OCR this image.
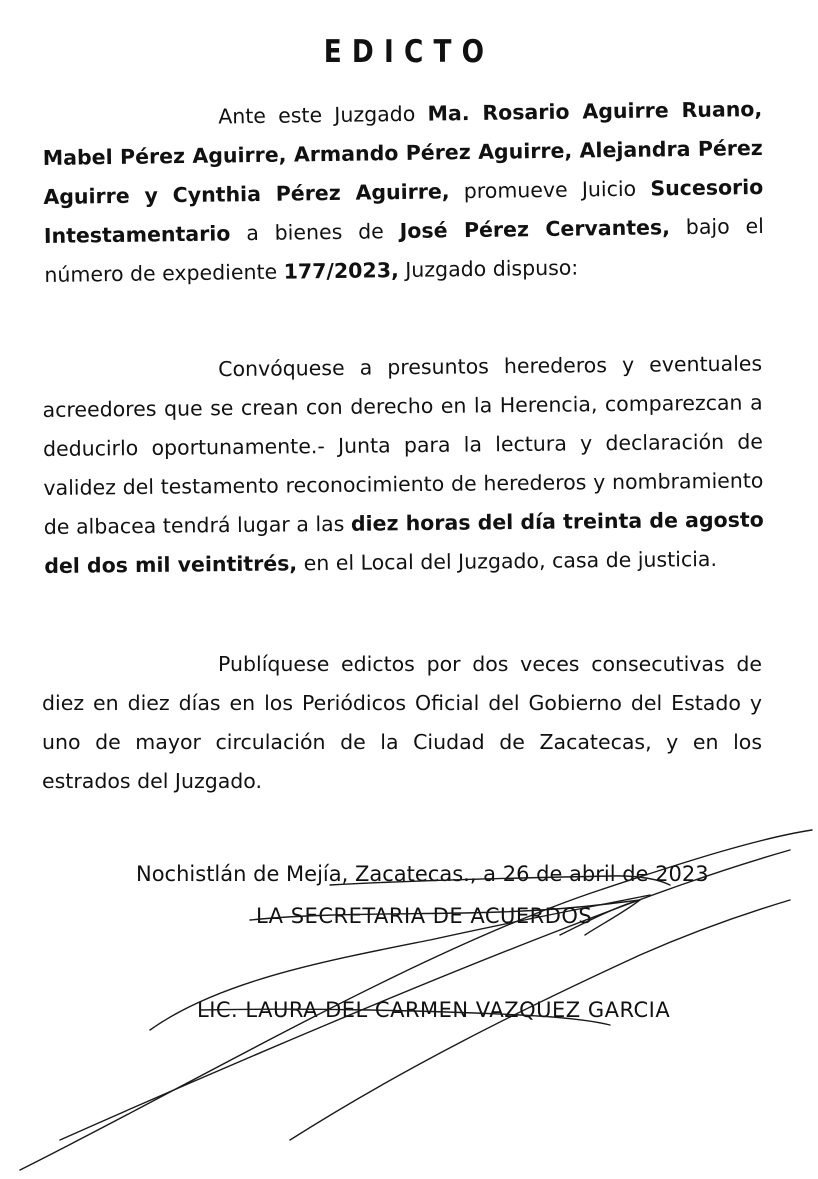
EDICTO
Ante este Juzgado Ma. Rosario Aguirre Ruano, Mabel Pérez Aguirre, Armando Pérez Aguirre, Alejandra Pérez Aguirre y Cynthia Pérez Aguirre, promueve Juicio Sucesorio Intestamentario a bienes de José Pérez Cervantes, bajo el número de expediente 177/2023, Juzgado dispuso:
Convóquese a presuntos herederos y eventuales acreedores que se crean con derecho en la Herencia, comparezcan a deducirlo oportunamente.- Junta para la lectura y declaración de validez del testamento reconocimiento de herederos y nombramiento de albacea tendrá lugar a las diez horas del día treinta de agosto del dos mil veintitrés, en el Local del Juzgado, casa de justicia.
Publíquese edictos por dos veces consecutivas de diez en diez días en los Periódicos Oficial del Gobierno del Estado y uno de mayor circulación de la Ciudad de Zacatecas, y en los estrados del Juzgado.
Nochistlán de Mejía, Zacatecas., a 26 de abril de 2023
LA SECRETARIA DE ACUERDOS
LIC. LAURA DEL CARMEN VAZQUEZ GARCIA
